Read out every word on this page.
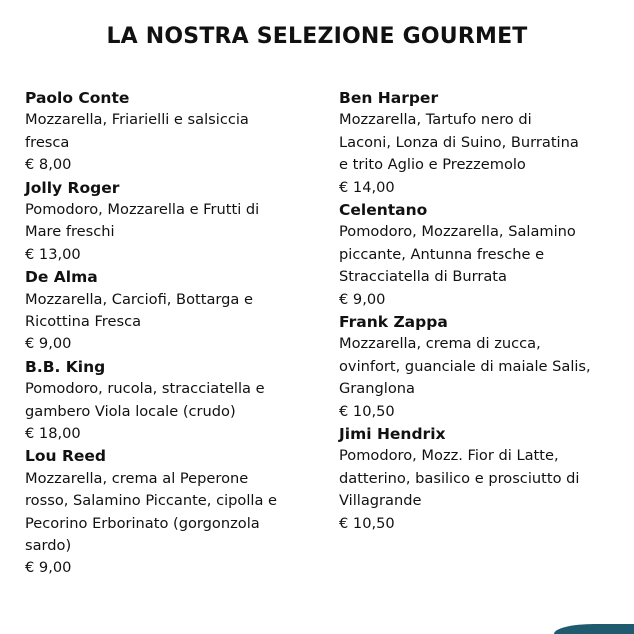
LA NOSTRA SELEZIONE GOURMET
Paolo Conte
Mozzarella, Friarielli e salsiccia
fresca
€ 8,00
Jolly Roger
Pomodoro, Mozzarella e Frutti di
Mare freschi
€ 13,00
De Alma
Mozzarella, Carciofi, Bottarga e
Ricottina Fresca
€ 9,00
B.B. King
Pomodoro, rucola, stracciatella e
gambero Viola locale (crudo)
€ 18,00
Lou Reed
Mozzarella, crema al Peperone
rosso, Salamino Piccante, cipolla e
Pecorino Erborinato (gorgonzola
sardo)
€ 9,00
Ben Harper
Mozzarella, Tartufo nero di
Laconi, Lonza di Suino, Burratina
e trito Aglio e Prezzemolo
€ 14,00
Celentano
Pomodoro, Mozzarella, Salamino
piccante, Antunna fresche e
Stracciatella di Burrata
€ 9,00
Frank Zappa
Mozzarella, crema di zucca,
ovinfort, guanciale di maiale Salis,
Granglona
€ 10,50
Jimi Hendrix
Pomodoro, Mozz. Fior di Latte,
datterino, basilico e prosciutto di
Villagrande
€ 10,50
